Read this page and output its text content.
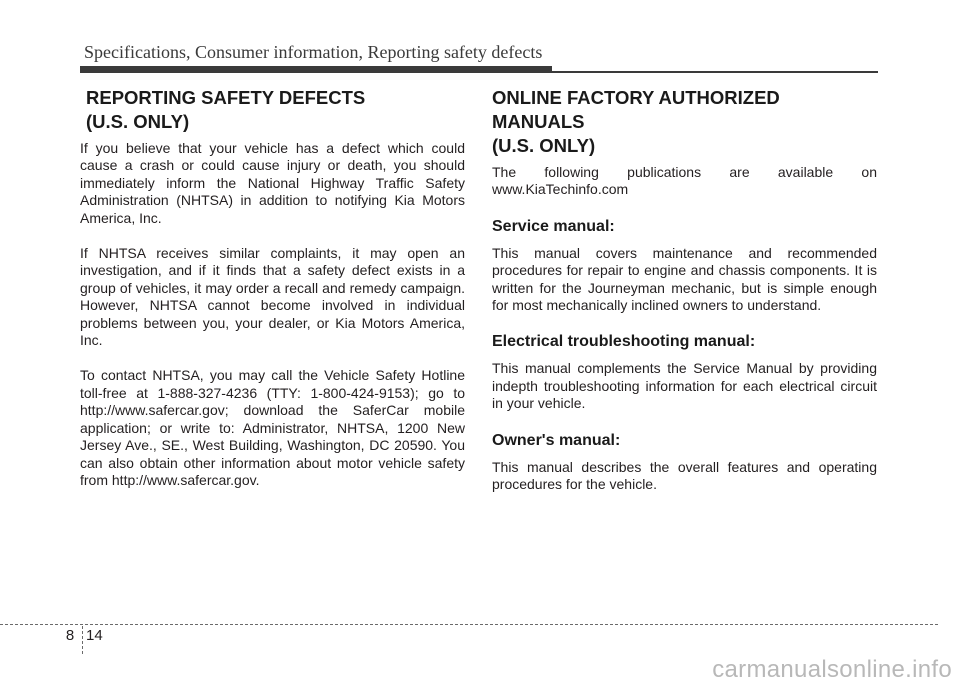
Specifications, Consumer information, Reporting safety defects
REPORTING SAFETY DEFECTS
(U.S. ONLY)

If you believe that your vehicle has a defect which could cause a crash or could cause injury or death, you should immediately inform the National Highway Traffic Safety Administration (NHTSA) in addition to notifying Kia Motors America, Inc.

If NHTSA receives similar complaints, it may open an investigation, and if it finds that a safety defect exists in a group of vehicles, it may order a recall and remedy campaign. However, NHTSA cannot become involved in individual problems between you, your dealer, or Kia Motors America, Inc.

To contact NHTSA, you may call the Vehicle Safety Hotline toll-free at 1-888-327-4236 (TTY: 1-800-424-9153); go to http://www.safercar.gov; download the SaferCar mobile application; or write to: Administrator, NHTSA, 1200 New Jersey Ave., SE., West Building, Washington, DC 20590. You can also obtain other information about motor vehicle safety from http://www.safercar.gov.

ONLINE FACTORY AUTHORIZED MANUALS
(U.S. ONLY)

The following publications are available on www.KiaTechinfo.com

Service manual:

This manual covers maintenance and recommended procedures for repair to engine and chassis components. It is written for the Journeyman mechanic, but is simple enough for most mechanically inclined owners to understand.

Electrical troubleshooting manual:

This manual complements the Service Manual by providing indepth troubleshooting information for each electrical circuit in your vehicle.

Owner's manual:

This manual describes the overall features and operating procedures for the vehicle.

8 14
carmanualsonline.info
